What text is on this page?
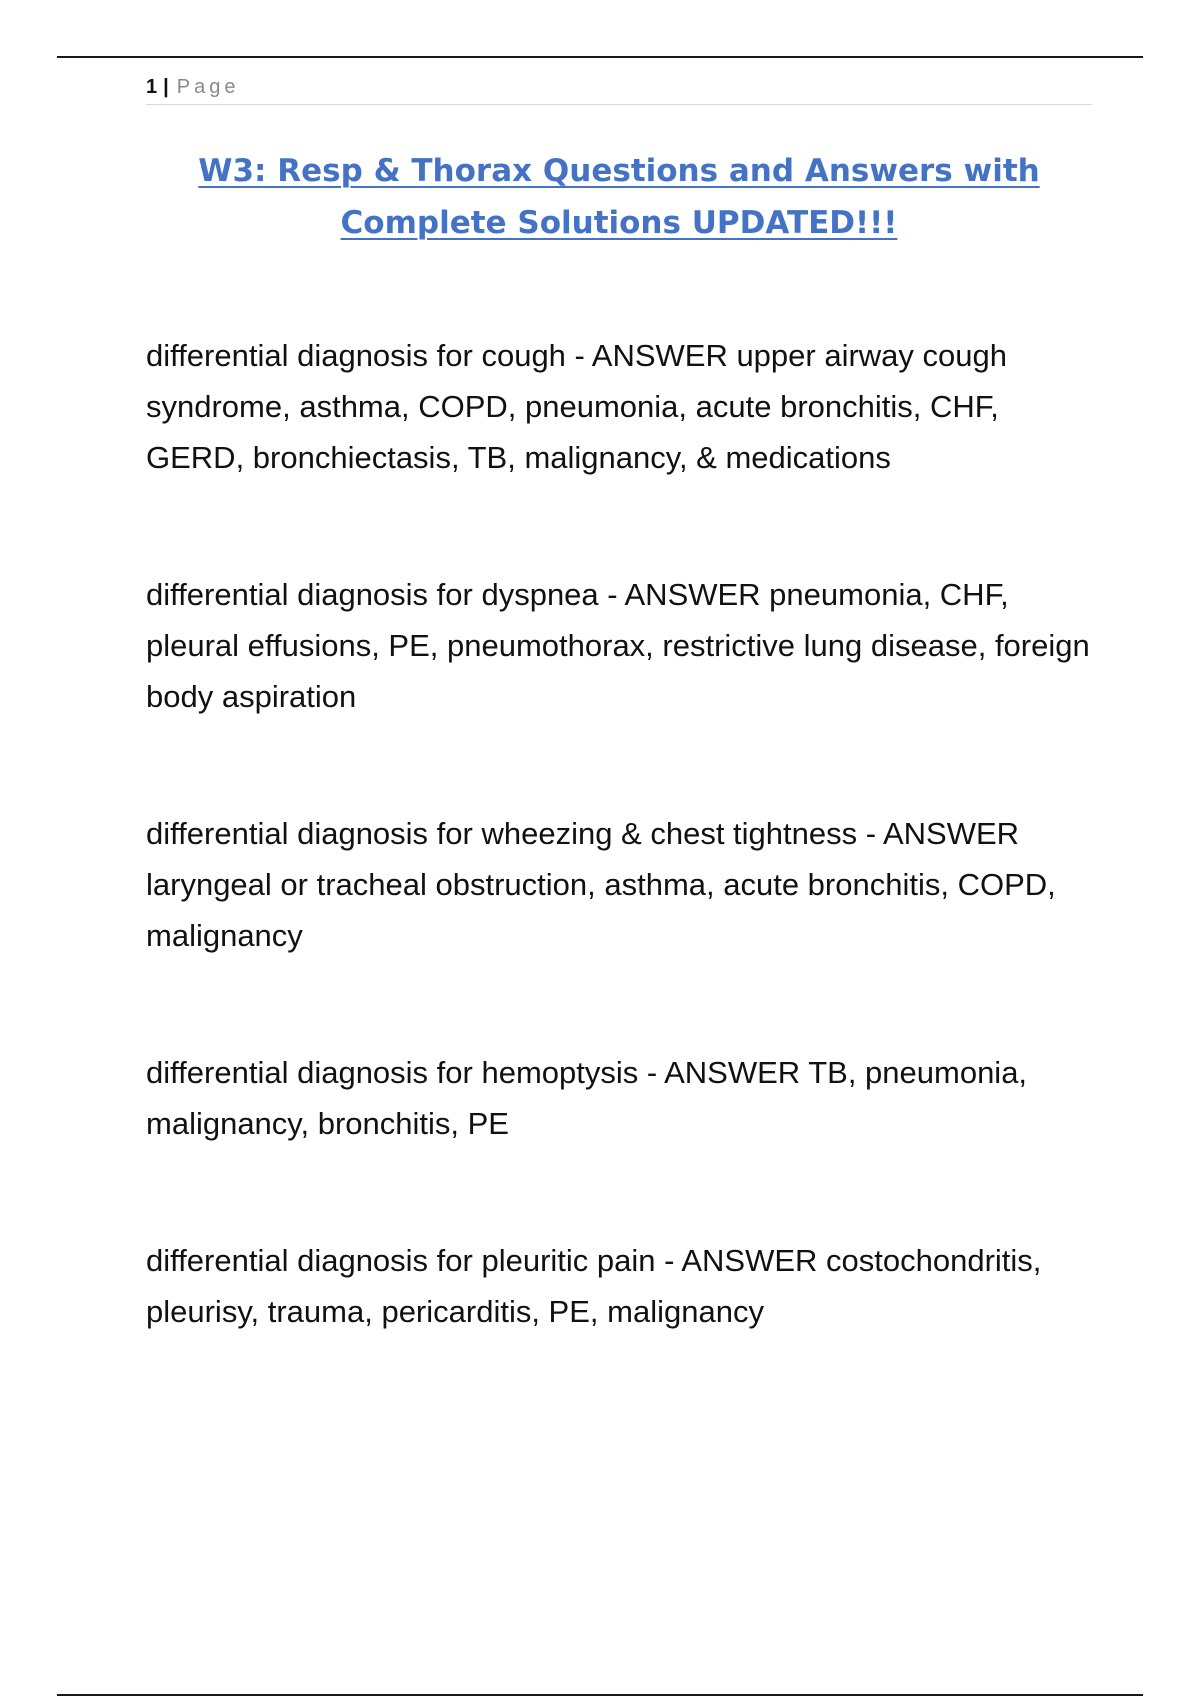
1 | Page
W3: Resp & Thorax Questions and Answers with
Complete Solutions UPDATED!!!

differential diagnosis for cough - ANSWER upper airway cough syndrome, asthma, COPD, pneumonia, acute bronchitis, CHF, GERD, bronchiectasis, TB, malignancy, & medications

differential diagnosis for dyspnea - ANSWER pneumonia, CHF, pleural effusions, PE, pneumothorax, restrictive lung disease, foreign body aspiration

differential diagnosis for wheezing & chest tightness - ANSWER laryngeal or tracheal obstruction, asthma, acute bronchitis, COPD, malignancy

differential diagnosis for hemoptysis - ANSWER TB, pneumonia, malignancy, bronchitis, PE

differential diagnosis for pleuritic pain - ANSWER costochondritis, pleurisy, trauma, pericarditis, PE, malignancy
